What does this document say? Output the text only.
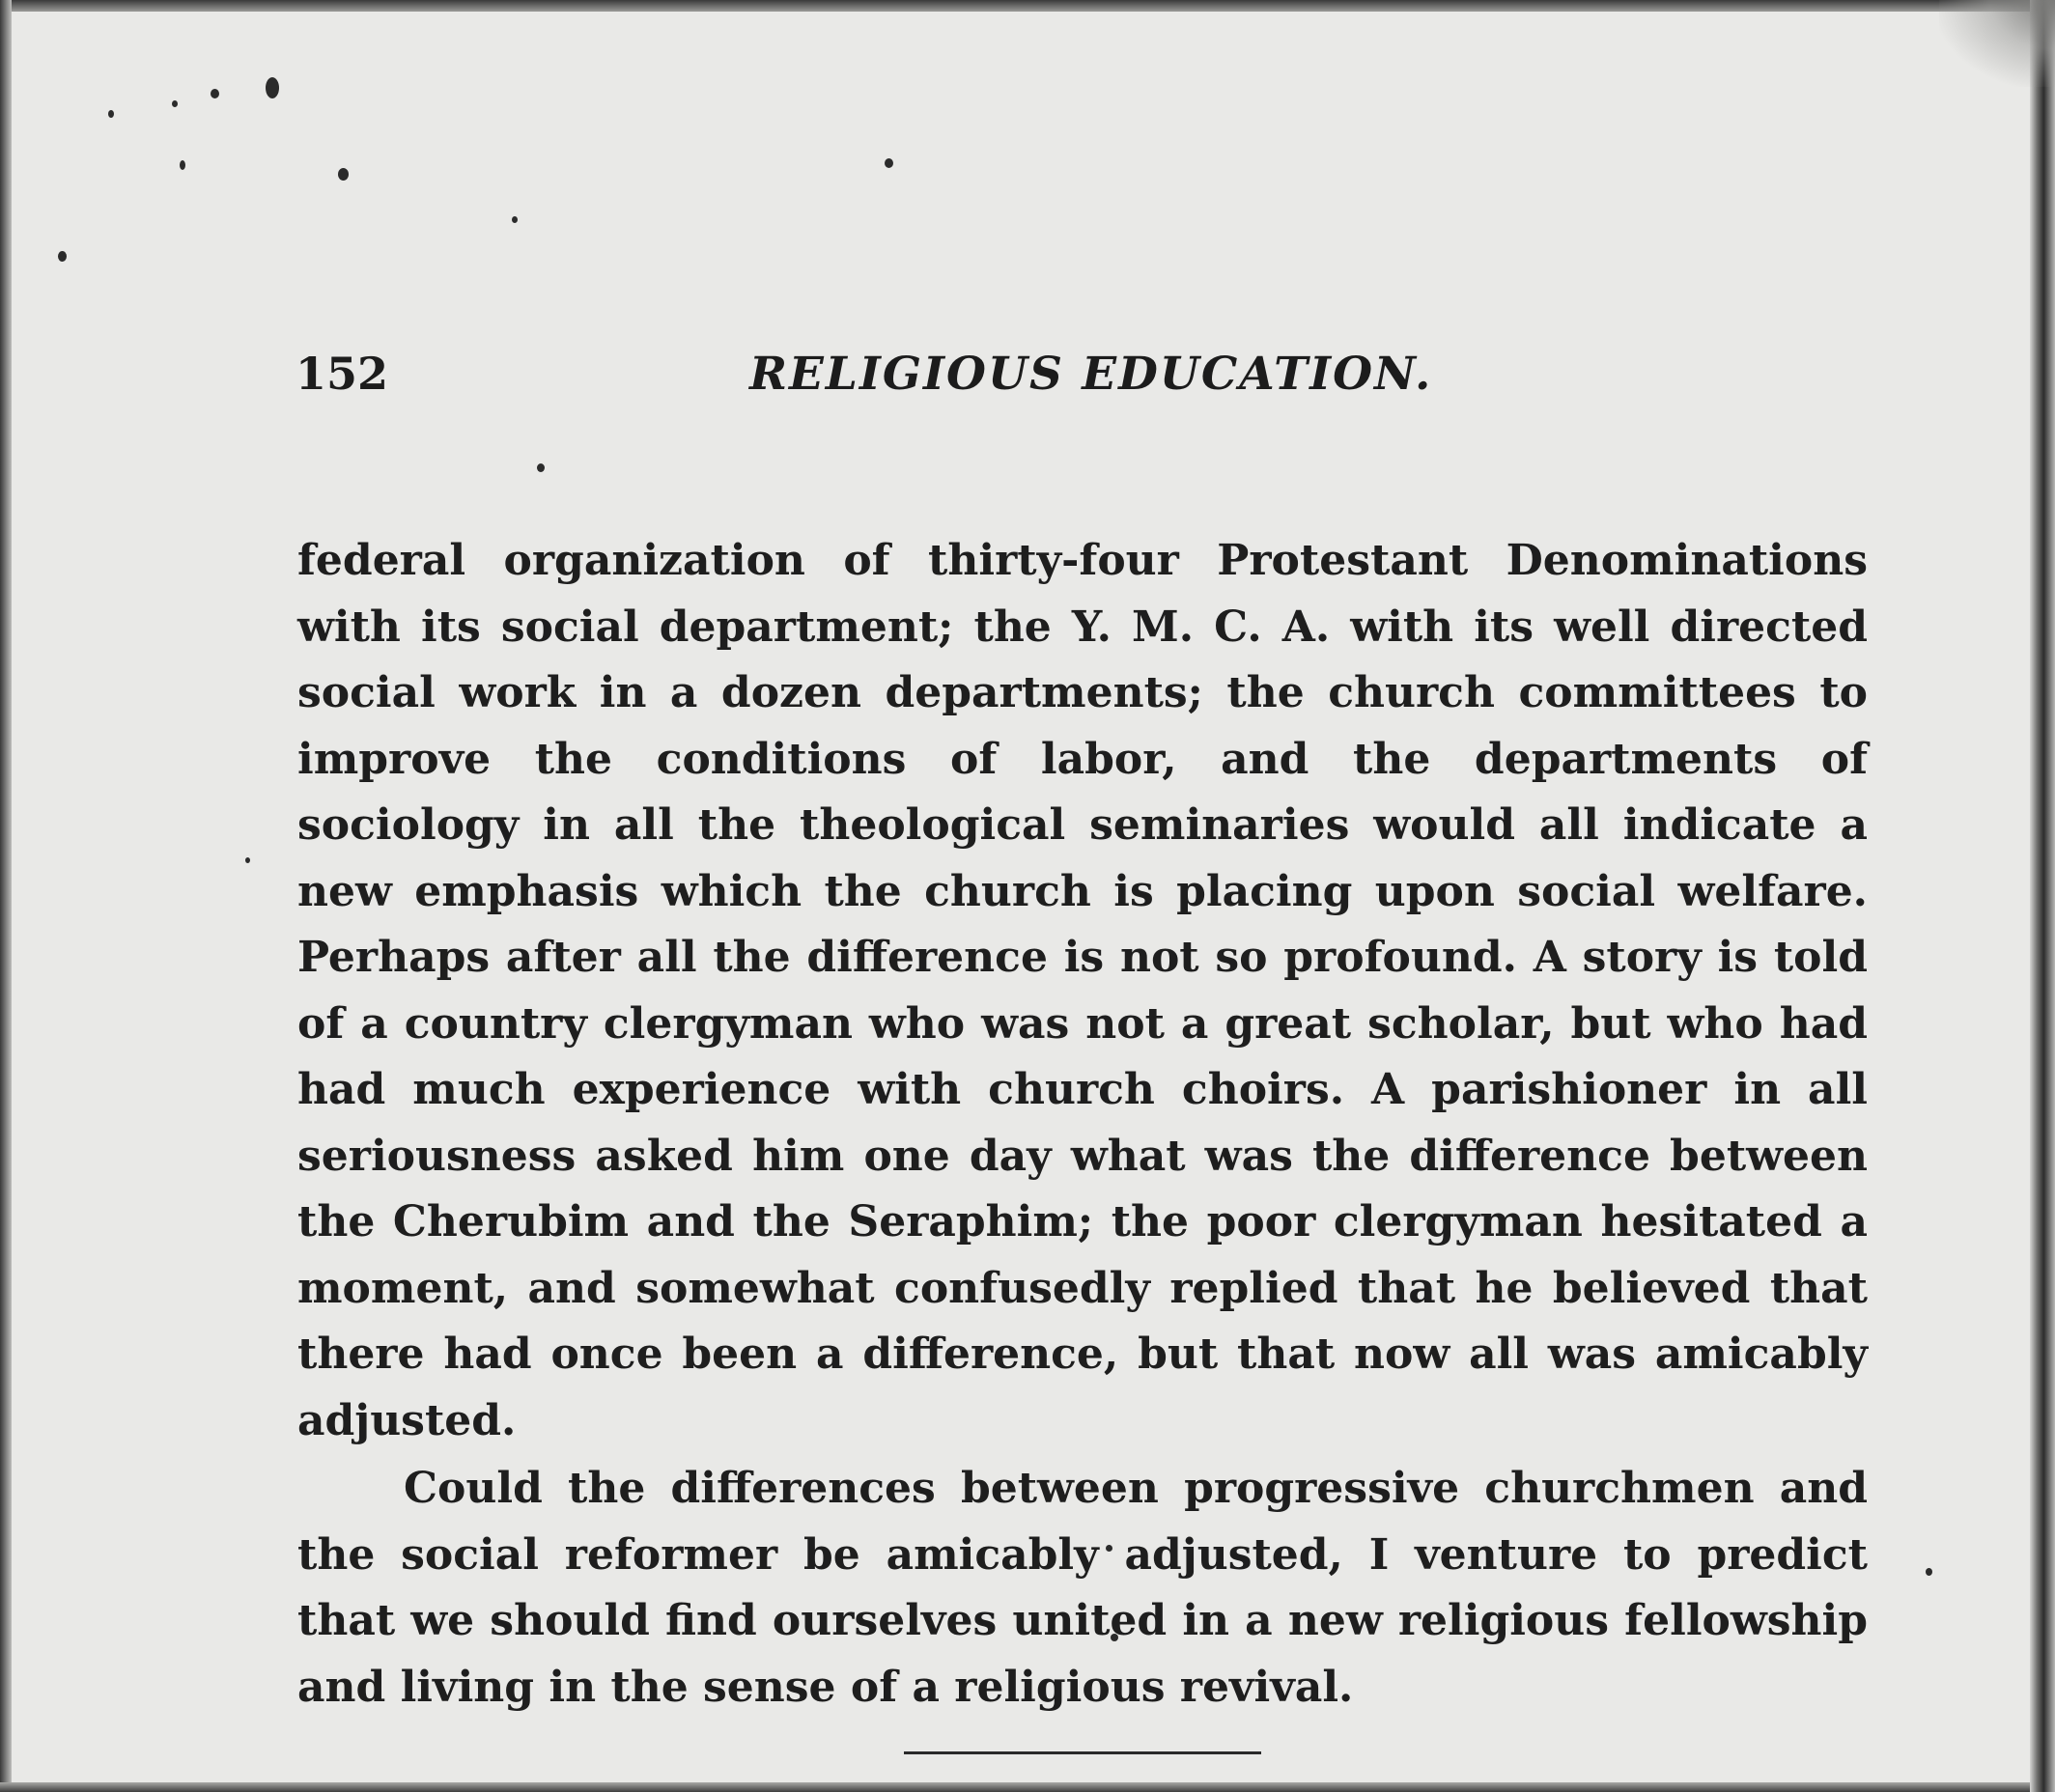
152	RELIGIOUS EDUCATION.

federal organization of thirty-four Protestant Denominations with its social department; the Y. M. C. A. with its well directed social work in a dozen departments; the church committees to improve the conditions of labor, and the departments of sociology in all the theological seminaries would all indicate a new emphasis which the church is placing upon social welfare. Perhaps after all the difference is not so profound. A story is told of a country clergyman who was not a great scholar, but who had had much experience with church choirs. A parishioner in all seriousness asked him one day what was the difference between the Cherubim and the Seraphim; the poor clergyman hesitated a moment, and somewhat confusedly replied that he believed that there had once been a difference, but that now all was amicably adjusted.

Could the differences between progressive churchmen and the social reformer be amicably adjusted, I venture to predict that we should find ourselves united in a new religious fellowship and living in the sense of a religious revival.
